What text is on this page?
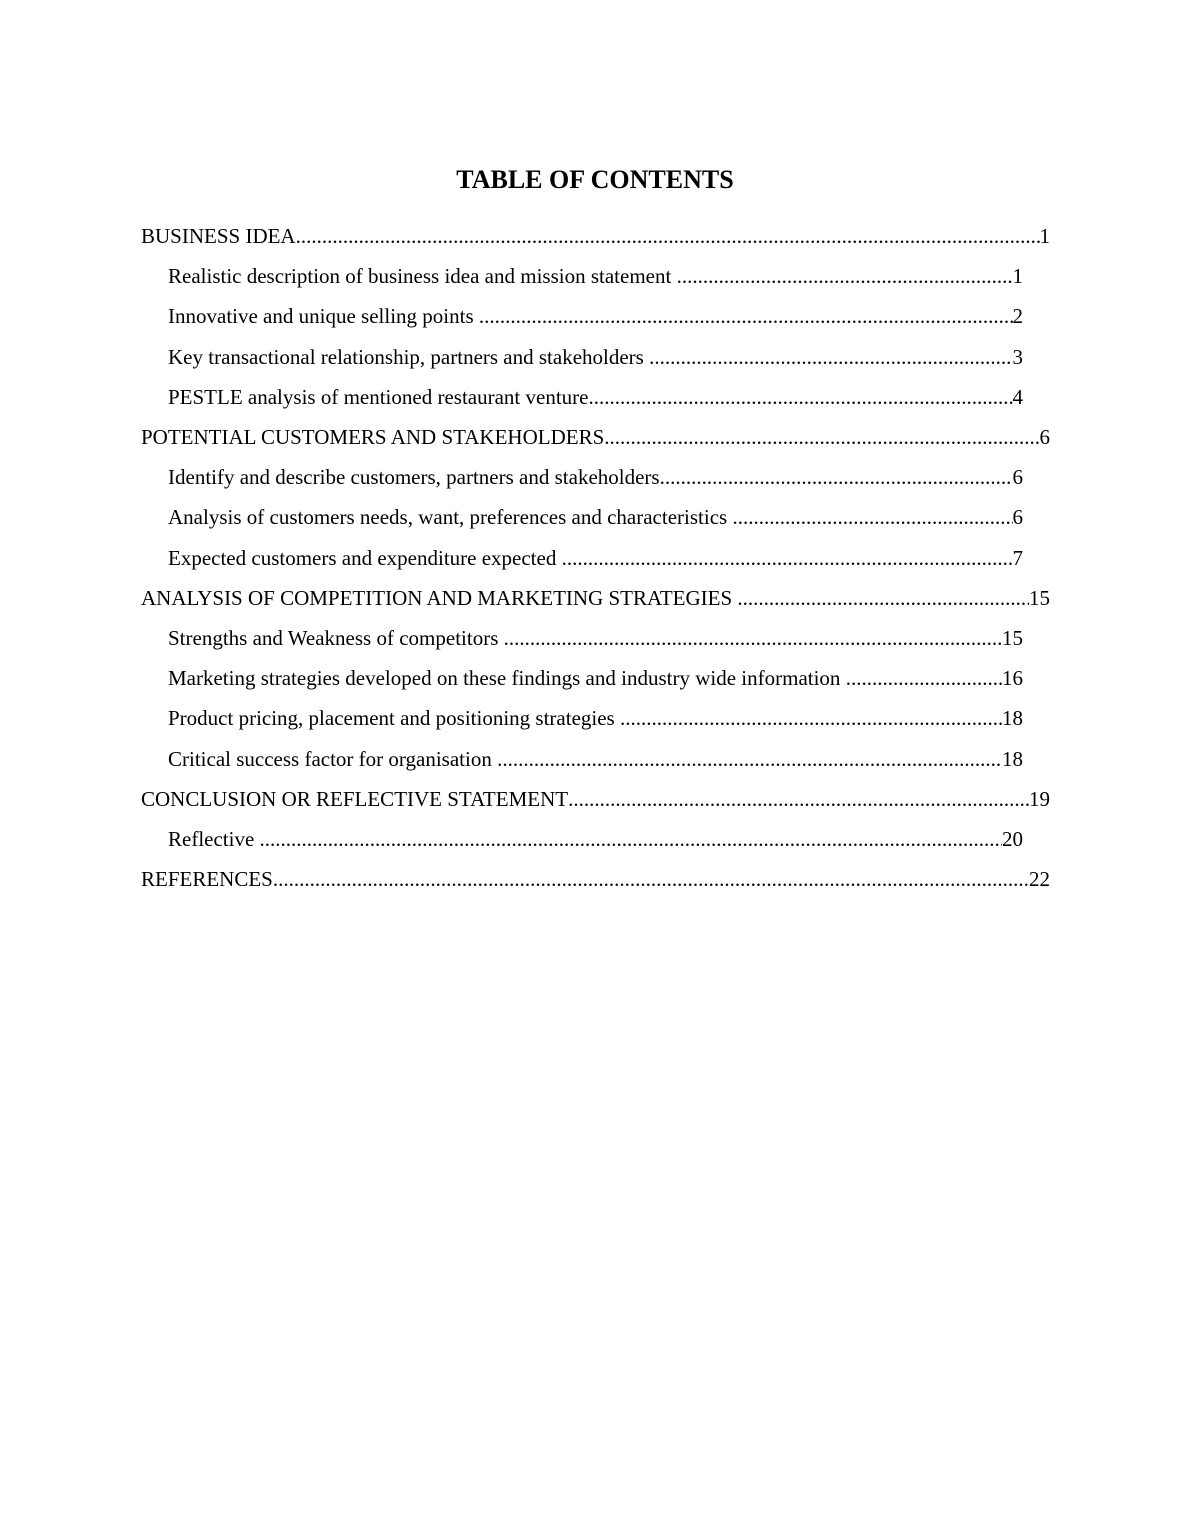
TABLE OF CONTENTS
BUSINESS IDEA .....	1
Realistic description of business idea and mission statement .....	1
Innovative and unique selling points .....	2
Key transactional relationship, partners and stakeholders .....	3
PESTLE analysis of mentioned restaurant venture .....	4
POTENTIAL CUSTOMERS AND STAKEHOLDERS .....	6
Identify and describe customers, partners and stakeholders .....	6
Analysis of customers needs, want, preferences and characteristics .....	6
Expected customers and expenditure expected .....	7
ANALYSIS OF COMPETITION AND MARKETING STRATEGIES .....	15
Strengths and Weakness of competitors .....	15
Marketing strategies developed on these findings and industry wide information .....	16
Product pricing, placement and positioning strategies .....	18
Critical success factor for organisation .....	18
CONCLUSION OR REFLECTIVE STATEMENT .....	19
Reflective .....	20
REFERENCES .....	22
